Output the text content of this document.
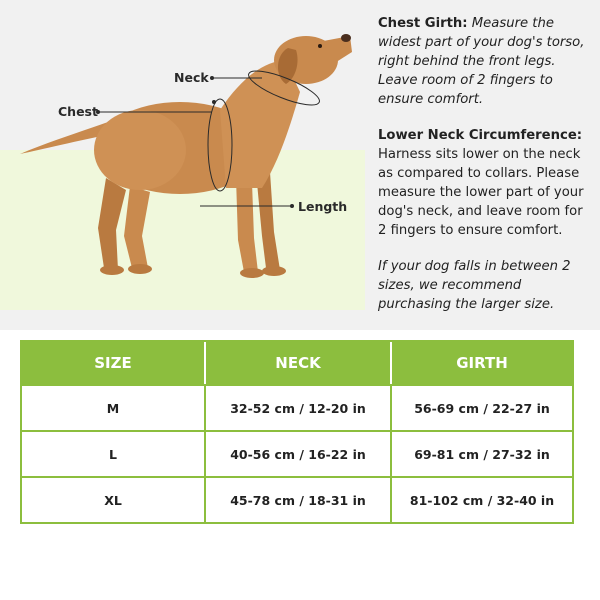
Neck
Chest
Length

Chest Girth: Measure the widest part of your dog's torso, right behind the front legs. Leave room of 2 fingers to ensure comfort.

Lower Neck Circumference:
Harness sits lower on the neck as compared to collars. Please measure the lower part of your dog's neck, and leave room for 2 fingers to ensure comfort.

If your dog falls in between 2 sizes, we recommend purchasing the larger size.

SIZE	NECK	GIRTH
M	32-52 cm / 12-20 in	56-69 cm / 22-27 in
L	40-56 cm / 16-22 in	69-81 cm / 27-32 in
XL	45-78 cm / 18-31 in	81-102 cm / 32-40 in
